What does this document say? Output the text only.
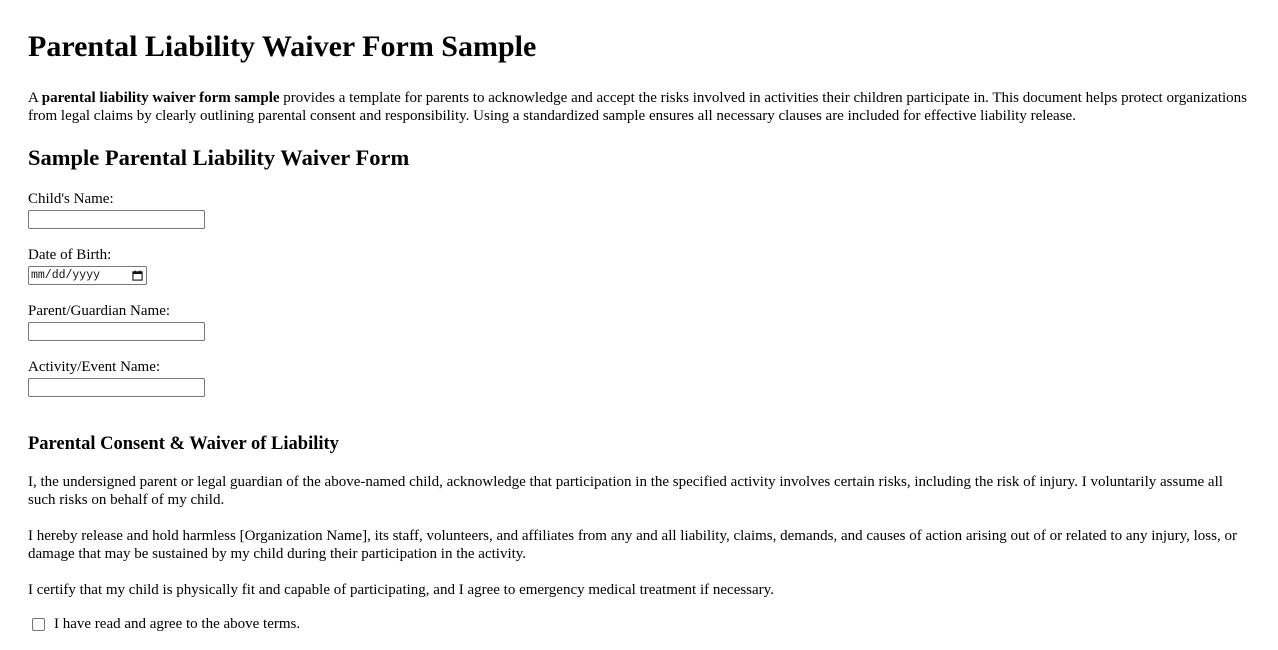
Parental Liability Waiver Form Sample

A parental liability waiver form sample provides a template for parents to acknowledge and accept the risks involved in activities their children participate in. This document helps protect organizations from legal claims by clearly outlining parental consent and responsibility. Using a standardized sample ensures all necessary clauses are included for effective liability release.

Sample Parental Liability Waiver Form
Child's Name:
Date of Birth:
mm/dd/yyyy
Parent/Guardian Name:
Activity/Event Name:
Parental Consent & Waiver of Liability

I, the undersigned parent or legal guardian of the above-named child, acknowledge that participation in the specified activity involves certain risks, including the risk of injury. I voluntarily assume all such risks on behalf of my child.

I hereby release and hold harmless [Organization Name], its staff, volunteers, and affiliates from any and all liability, claims, demands, and causes of action arising out of or related to any injury, loss, or damage that may be sustained by my child during their participation in the activity.

I certify that my child is physically fit and capable of participating, and I agree to emergency medical treatment if necessary.

I have read and agree to the above terms.
